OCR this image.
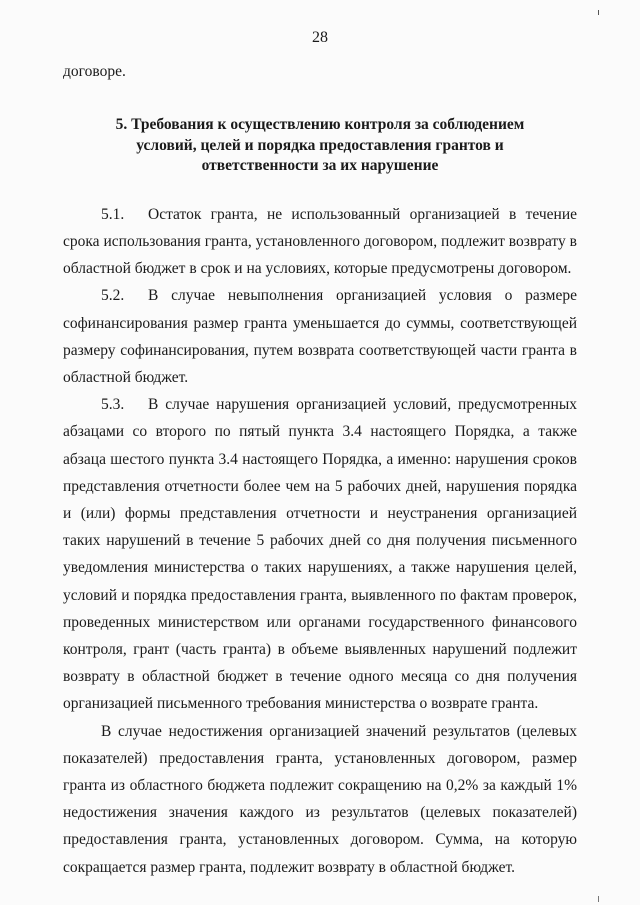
28

договоре.

5. Требования к осуществлению контроля за соблюдением
условий, целей и порядка предоставления грантов и
ответственности за их нарушение

5.1. Остаток гранта, не использованный организацией в течение срока использования гранта, установленного договором, подлежит возврату в областной бюджет в срок и на условиях, которые предусмотрены договором.

5.2. В случае невыполнения организацией условия о размере софинансирования размер гранта уменьшается до суммы, соответствующей размеру софинансирования, путем возврата соответствующей части гранта в областной бюджет.

5.3. В случае нарушения организацией условий, предусмотренных абзацами со второго по пятый пункта 3.4 настоящего Порядка, а также абзаца шестого пункта 3.4 настоящего Порядка, а именно: нарушения сроков представления отчетности более чем на 5 рабочих дней, нарушения порядка и (или) формы представления отчетности и неустранения организацией таких нарушений в течение 5 рабочих дней со дня получения письменного уведомления министерства о таких нарушениях, а также нарушения целей, условий и порядка предоставления гранта, выявленного по фактам проверок, проведенных министерством или органами государственного финансового контроля, грант (часть гранта) в объеме выявленных нарушений подлежит возврату в областной бюджет в течение одного месяца со дня получения организацией письменного требования министерства о возврате гранта.

В случае недостижения организацией значений результатов (целевых показателей) предоставления гранта, установленных договором, размер гранта из областного бюджета подлежит сокращению на 0,2% за каждый 1% недостижения значения каждого из результатов (целевых показателей) предоставления гранта, установленных договором. Сумма, на которую сокращается размер гранта, подлежит возврату в областной бюджет.
